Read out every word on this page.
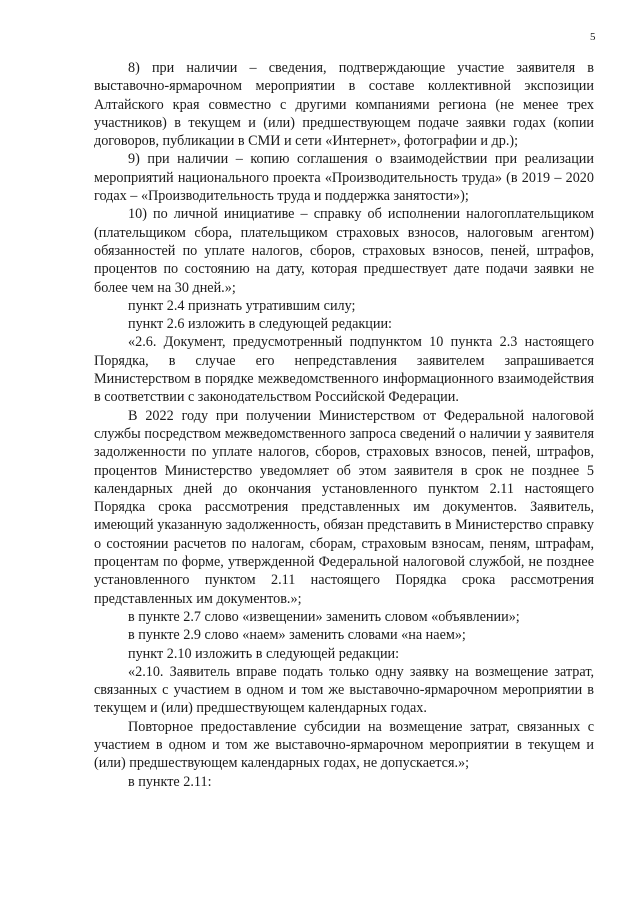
5

8) при наличии – сведения, подтверждающие участие заявителя в выставочно-ярмарочном мероприятии в составе коллективной экспозиции Алтайского края совместно с другими компаниями региона (не менее трех участников) в текущем и (или) предшествующем подаче заявки годах (копии договоров, публикации в СМИ и сети «Интернет», фотографии и др.);

9) при наличии – копию соглашения о взаимодействии при реализации мероприятий национального проекта «Производительность труда» (в 2019 – 2020 годах – «Производительность труда и поддержка занятости»);

10) по личной инициативе – справку об исполнении налогоплательщиком (плательщиком сбора, плательщиком страховых взносов, налоговым агентом) обязанностей по уплате налогов, сборов, страховых взносов, пеней, штрафов, процентов по состоянию на дату, которая предшествует дате подачи заявки не более чем на 30 дней.»;

пункт 2.4 признать утратившим силу;

пункт 2.6 изложить в следующей редакции:

«2.6. Документ, предусмотренный подпунктом 10 пункта 2.3 настоящего Порядка, в случае его непредставления заявителем запрашивается Министерством в порядке межведомственного информационного взаимодействия в соответствии с законодательством Российской Федерации.

В 2022 году при получении Министерством от Федеральной налоговой службы посредством межведомственного запроса сведений о наличии у заявителя задолженности по уплате налогов, сборов, страховых взносов, пеней, штрафов, процентов Министерство уведомляет об этом заявителя в срок не позднее 5 календарных дней до окончания установленного пунктом 2.11 настоящего Порядка срока рассмотрения представленных им документов. Заявитель, имеющий указанную задолженность, обязан представить в Министерство справку о состоянии расчетов по налогам, сборам, страховым взносам, пеням, штрафам, процентам по форме, утвержденной Федеральной налоговой службой, не позднее установленного пунктом 2.11 настоящего Порядка срока рассмотрения представленных им документов.»;

в пункте 2.7 слово «извещении» заменить словом «объявлении»;

в пункте 2.9 слово «наем» заменить словами «на наем»;

пункт 2.10 изложить в следующей редакции:

«2.10. Заявитель вправе подать только одну заявку на возмещение затрат, связанных с участием в одном и том же выставочно-ярмарочном мероприятии в текущем и (или) предшествующем календарных годах.

Повторное предоставление субсидии на возмещение затрат, связанных с участием в одном и том же выставочно-ярмарочном мероприятии в текущем и (или) предшествующем календарных годах, не допускается.»;

в пункте 2.11:
